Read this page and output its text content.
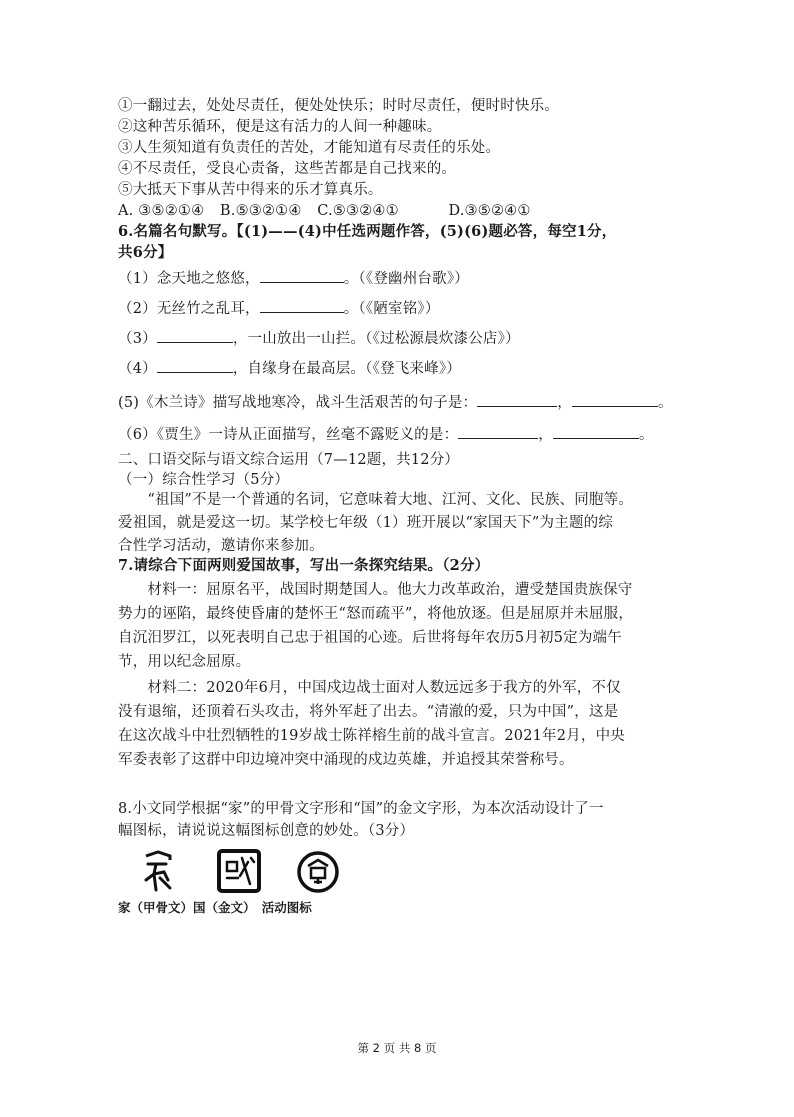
①一翻过去，处处尽责任，便处处快乐；时时尽责任，便时时快乐。
②这种苦乐循环，便是这有活力的人间一种趣味。
③人生须知道有负责任的苦处，才能知道有尽责任的乐处。
④不尽责任，受良心责备，这些苦都是自己找来的。
⑤大抵天下事从苦中得来的乐才算真乐。
A. ③⑤②①④ B.⑤③②①④ C.⑤③②④①	D.③⑤②④①
6.名篇名句默写。【(1)——(4)中任选两题作答，(5)(6)题必答，每空1分，
共6分】
（1）念天地之悠悠，	。（《登幽州台歌》）
（2）无丝竹之乱耳，	。（《陋室铭》）
（3）	，一山放出一山拦。（《过松源晨炊漆公店》）
（4）	，自缘身在最高层。（《登飞来峰》）
(5)《木兰诗》描写战地寒冷，战斗生活艰苦的句子是：	，	。
（6）《贾生》一诗从正面描写，丝毫不露贬义的是：	，	。
二、口语交际与语文综合运用（7—12题，共12分）
（一）综合性学习（5分）
　　“祖国”不是一个普通的名词，它意味着大地、江河、文化、民族、同胞等。
爱祖国，就是爱这一切。某学校七年级（1）班开展以“家国天下”为主题的综
合性学习活动，邀请你来参加。
7.请综合下面两则爱国故事，写出一条探究结果。（2分）
　　材料一：屈原名平，战国时期楚国人。他大力改革政治，遭受楚国贵族保守
势力的诬陷，最终使昏庸的楚怀王“怒而疏平”，将他放逐。但是屈原并未屈服，
自沉汨罗江，以死表明自己忠于祖国的心迹。后世将每年农历5月初5定为端午
节，用以纪念屈原。
　　材料二：2020年6月，中国戍边战士面对人数远远多于我方的外军，不仅
没有退缩，还顶着石头攻击，将外军赶了出去。“清澈的爱，只为中国”，这是
在这次战斗中壮烈牺牲的19岁战士陈祥榕生前的战斗宣言。2021年2月，中央
军委表彰了这群中印边境冲突中涌现的戍边英雄，并追授其荣誉称号。
8.小文同学根据“家”的甲骨文字形和“国”的金文字形，为本次活动设计了一
幅图标，请说说这幅图标创意的妙处。（3分）
家（甲骨文）国（金文）　活动图标
第 2 页 共 8 页
